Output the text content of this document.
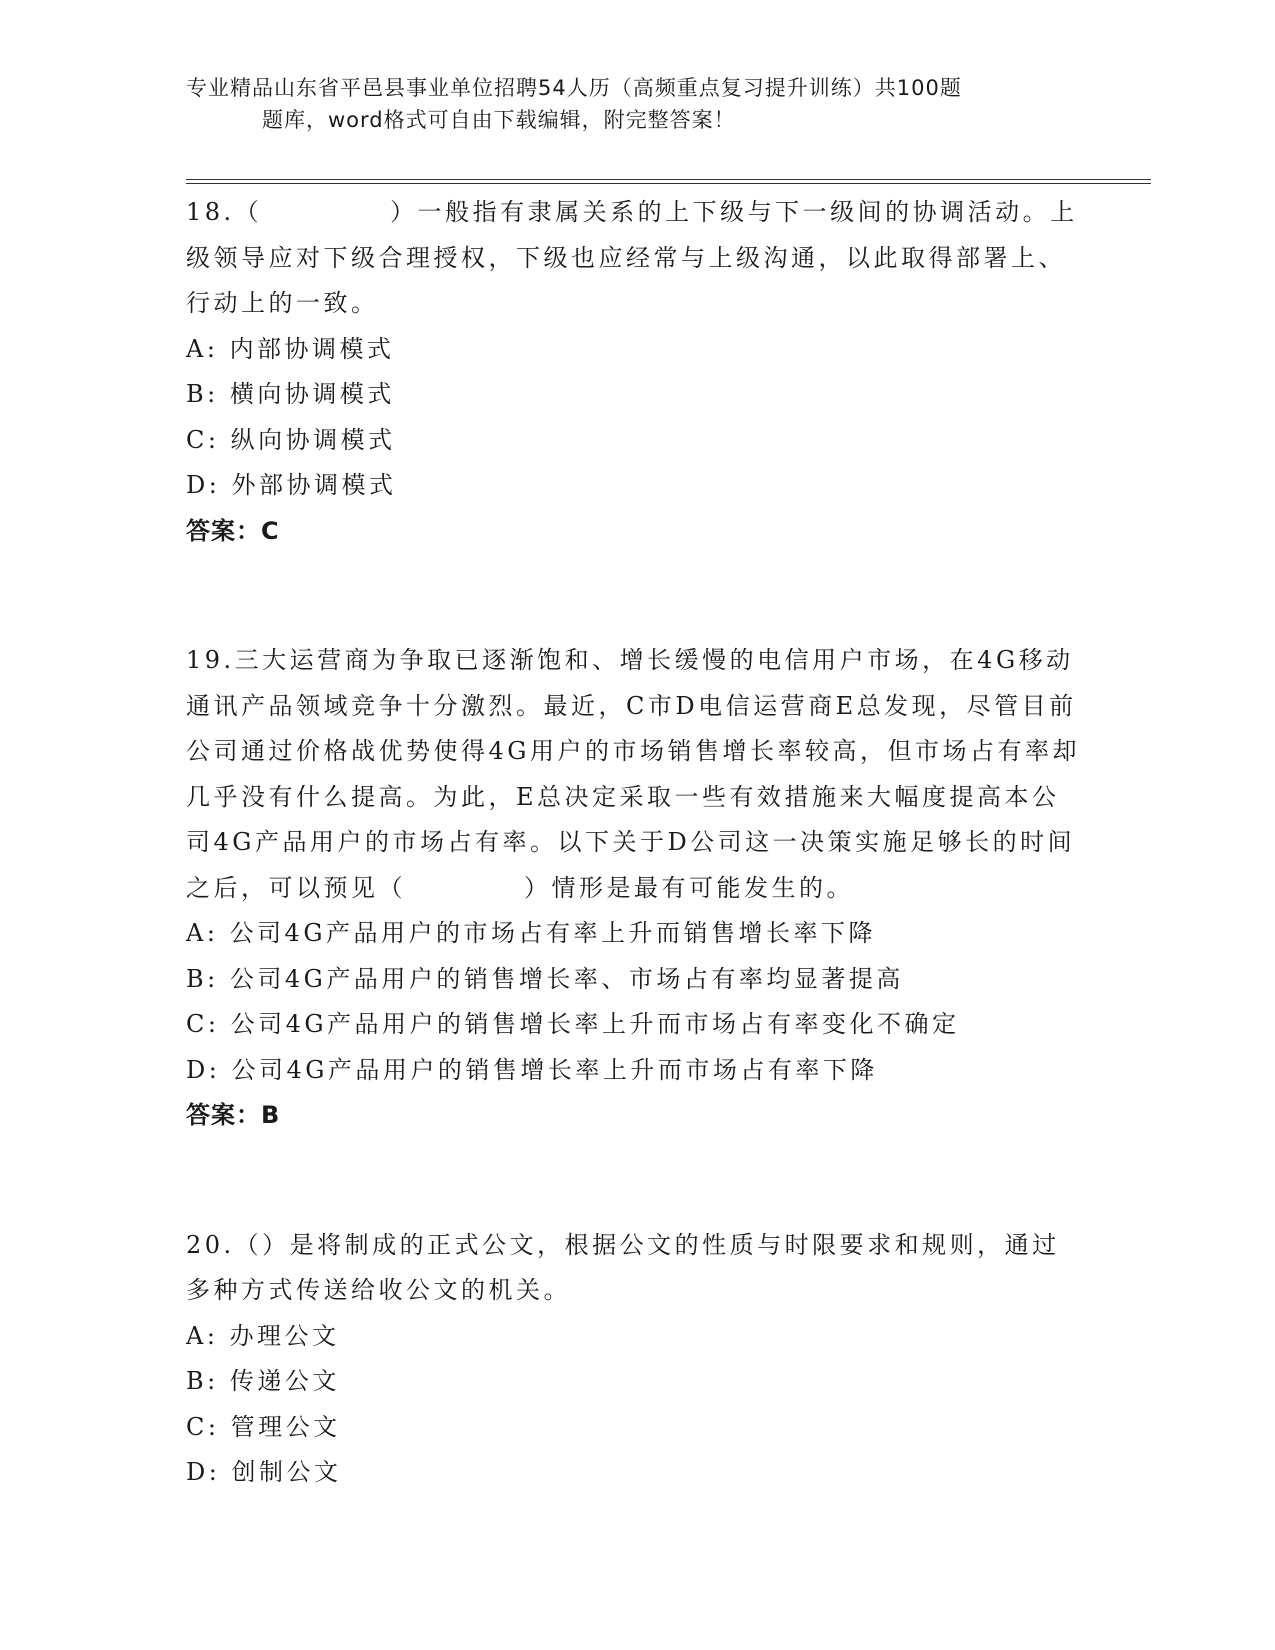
专业精品山东省平邑县事业单位招聘54人历（高频重点复习提升训练）共100题
题库，word格式可自由下载编辑，附完整答案！

18.（	）一般指有隶属关系的上下级与下一级间的协调活动。上级领导应对下级合理授权，下级也应经常与上级沟通，以此取得部署上、行动上的一致。

A: 内部协调模式

B: 横向协调模式

C: 纵向协调模式

D: 外部协调模式

答案：C

19.三大运营商为争取已逐渐饱和、增长缓慢的电信用户市场，在4G移动通讯产品领域竞争十分激烈。最近，C市D电信运营商E总发现，尽管目前公司通过价格战优势使得4G用户的市场销售增长率较高，但市场占有率却几乎没有什么提高。为此，E总决定采取一些有效措施来大幅度提高本公司4G产品用户的市场占有率。以下关于D公司这一决策实施足够长的时间之后，可以预见（	）情形是最有可能发生的。

A: 公司4G产品用户的市场占有率上升而销售增长率下降

B: 公司4G产品用户的销售增长率、市场占有率均显著提高

C: 公司4G产品用户的销售增长率上升而市场占有率变化不确定

D: 公司4G产品用户的销售增长率上升而市场占有率下降

答案：B

20.（）是将制成的正式公文，根据公文的性质与时限要求和规则，通过多种方式传送给收公文的机关。

A: 办理公文

B: 传递公文

C: 管理公文

D: 创制公文
